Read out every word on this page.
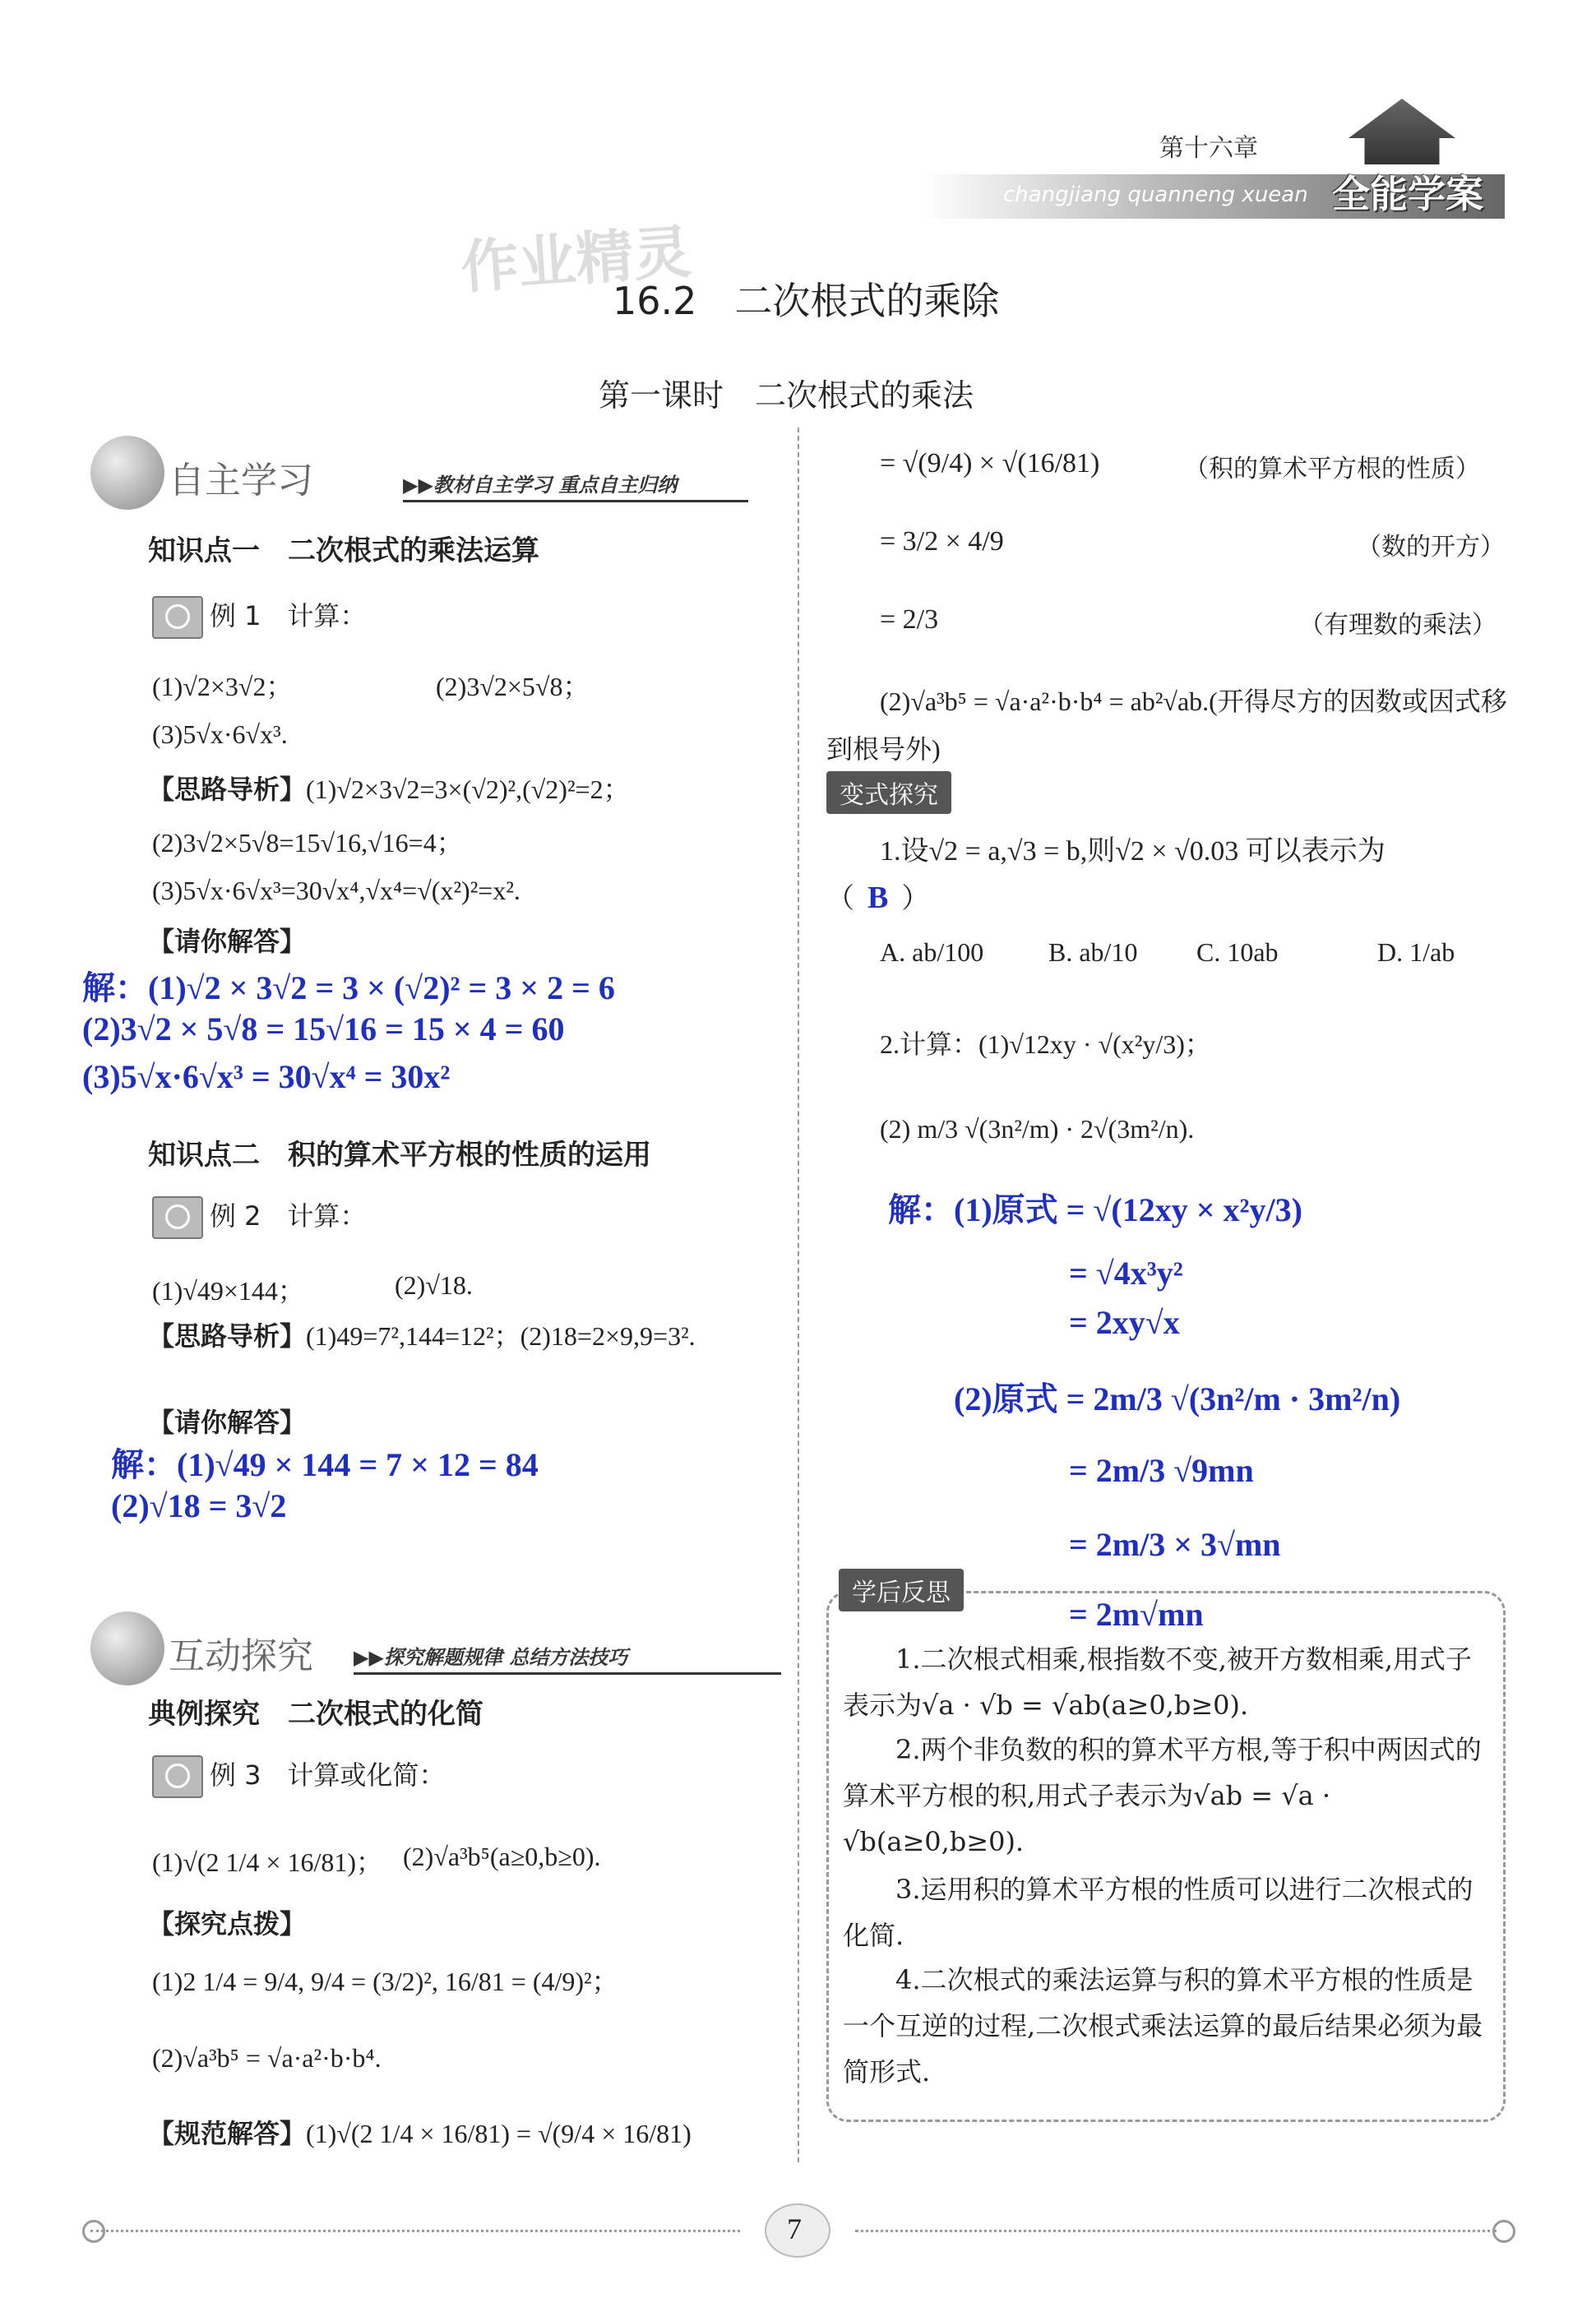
第十六章
changjiang quanneng xuean 全能学案
作业精灵
16.2　二次根式的乘除
第一课时　二次根式的乘法
自主学习	▶▶教材自主学习 重点自主归纳
知识点一　二次根式的乘法运算
例 1　计算：
(1)√2×3√2；	(2)3√2×5√8；
(3)5√x·6√x³.
【思路导析】(1)√2×3√2=3×(√2)²,(√2)²=2；
(2)3√2×5√8=15√16,√16=4；
(3)5√x·6√x³=30√x⁴,√x⁴=√(x²)²=x².
【请你解答】
解：(1)√2 × 3√2 = 3 × (√2)² = 3 × 2 = 6
(2)3√2 × 5√8 = 15√16 = 15 × 4 = 60
(3)5√x·6√x³ = 30√x⁴ = 30x²
知识点二　积的算术平方根的性质的运用
例 2　计算：
(1)√49×144；	(2)√18.
【思路导析】(1)49=7²,144=12²；(2)18=2×9,9=3².
【请你解答】
解：(1)√49 × 144 = 7 × 12 = 84
(2)√18 = 3√2
互动探究 ▶▶探究解题规律 总结方法技巧
典例探究　二次根式的化简
例 3　计算或化简：
(1)√(2 1/4 × 16/81)； (2)√a³b⁵(a≥0,b≥0).
【探究点拨】
(1)2 1/4 = 9/4, 9/4 = (3/2)², 16/81 = (4/9)²；
(2)√a³b⁵ = √a·a²·b·b⁴.
【规范解答】(1)√(2 1/4 × 16/81) = √(9/4 × 16/81)
= √(9/4) × √(16/81)	（积的算术平方根的性质）
= 3/2 × 4/9	（数的开方）
= 2/3	（有理数的乘法）
(2)√a³b⁵ = √a·a²·b·b⁴ = ab²√ab.(开得尽方的因数或因式移到根号外)
变式探究
1.设√2 = a,√3 = b,则√2 × √0.03 可以表示为
（ B ）
A. ab/100 B. ab/10 C. 10ab	D. 1/ab
2.计算：(1)√12xy · √(x²y/3)；
(2) m/3 √(3n²/m) · 2√(3m²/n).
解：(1)原式 = √(12xy × x²y/3)
= √4x³y²
= 2xy√x
(2)原式 = 2m/3 √(3n²/m · 3m²/n)
= 2m/3 √9mn
= 2m/3 × 3√mn
学后反思
= 2m√mn
1.二次根式相乘,根指数不变,被开方数相乘,用式子表示为√a · √b = √ab(a≥0,b≥0).
2.两个非负数的积的算术平方根,等于积中两因式的算术平方根的积,用式子表示为√ab = √a · √b(a≥0,b≥0).
3.运用积的算术平方根的性质可以进行二次根式的化简.
4.二次根式的乘法运算与积的算术平方根的性质是一个互逆的过程,二次根式乘法运算的最后结果必须为最简形式.
7
